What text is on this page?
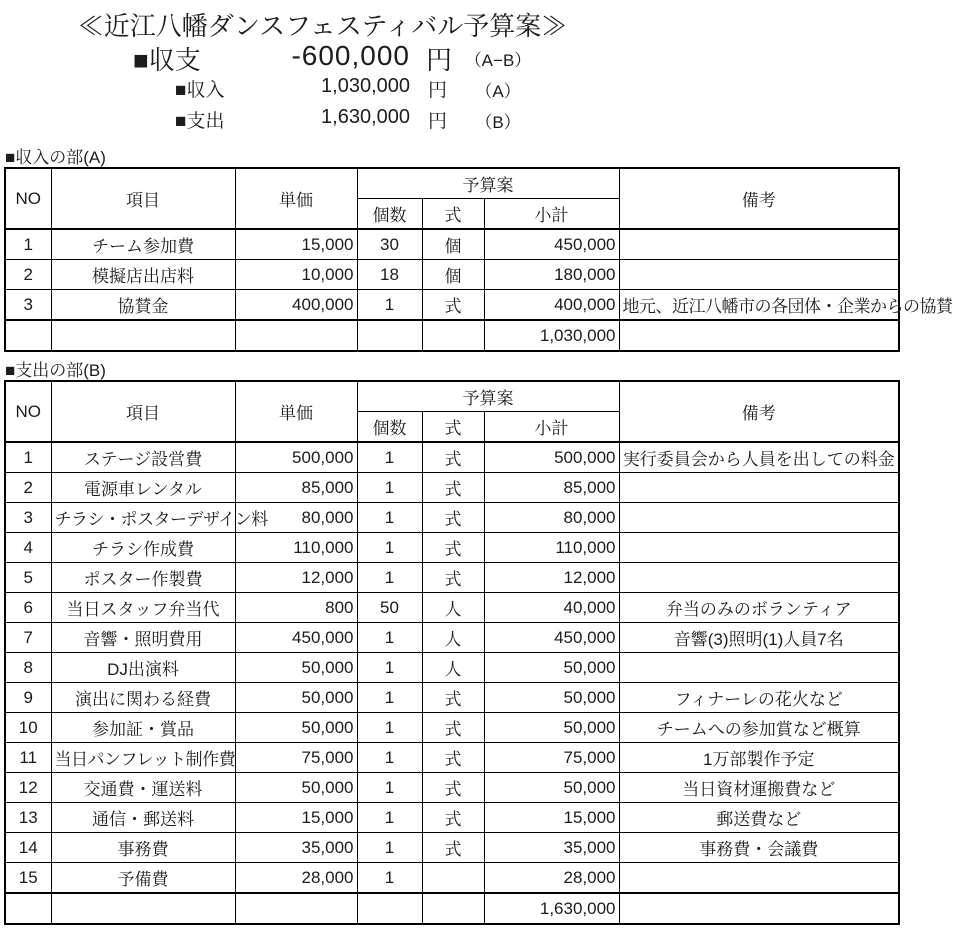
≪近江八幡ダンスフェスティバル予算案≫
■収支	-600,000 円 （A−B）
■収入	1,030,000 円	（A）
■支出	1,630,000 円	（B）
■収入の部(A)
NO	項目	単価	予算案			備考
			個数	式	小計	
1	チーム参加費	15,000	30	個	450,000	
2	模擬店出店料	10,000	18	個	180,000	
3	協賛金	400,000	1	式	400,000	地元、近江八幡市の各団体・企業からの協賛
					1,030,000	
■支出の部(B)
NO	項目	単価	予算案			備考
			個数	式	小計	
1	ステージ設営費	500,000	1	式	500,000	実行委員会から人員を出しての料金
2	電源車レンタル	85,000	1	式	85,000	
3	チラシ・ポスターデザイン料	80,000	1	式	80,000	
4	チラシ作成費	110,000	1	式	110,000	
5	ポスター作製費	12,000	1	式	12,000	
6	当日スタッフ弁当代	800	50	人	40,000	弁当のみのボランティア
7	音響・照明費用	450,000	1	人	450,000	音響(3)照明(1)人員7名
8	DJ出演料	50,000	1	人	50,000	
9	演出に関わる経費	50,000	1	式	50,000	フィナーレの花火など
10	参加証・賞品	50,000	1	式	50,000	チームへの参加賞など概算
11	当日パンフレット制作費	75,000	1	式	75,000	1万部製作予定
12	交通費・運送料	50,000	1	式	50,000	当日資材運搬費など
13	通信・郵送料	15,000	1	式	15,000	郵送費など
14	事務費	35,000	1	式	35,000	事務費・会議費
15	予備費	28,000	1		28,000	
					1,630,000	
